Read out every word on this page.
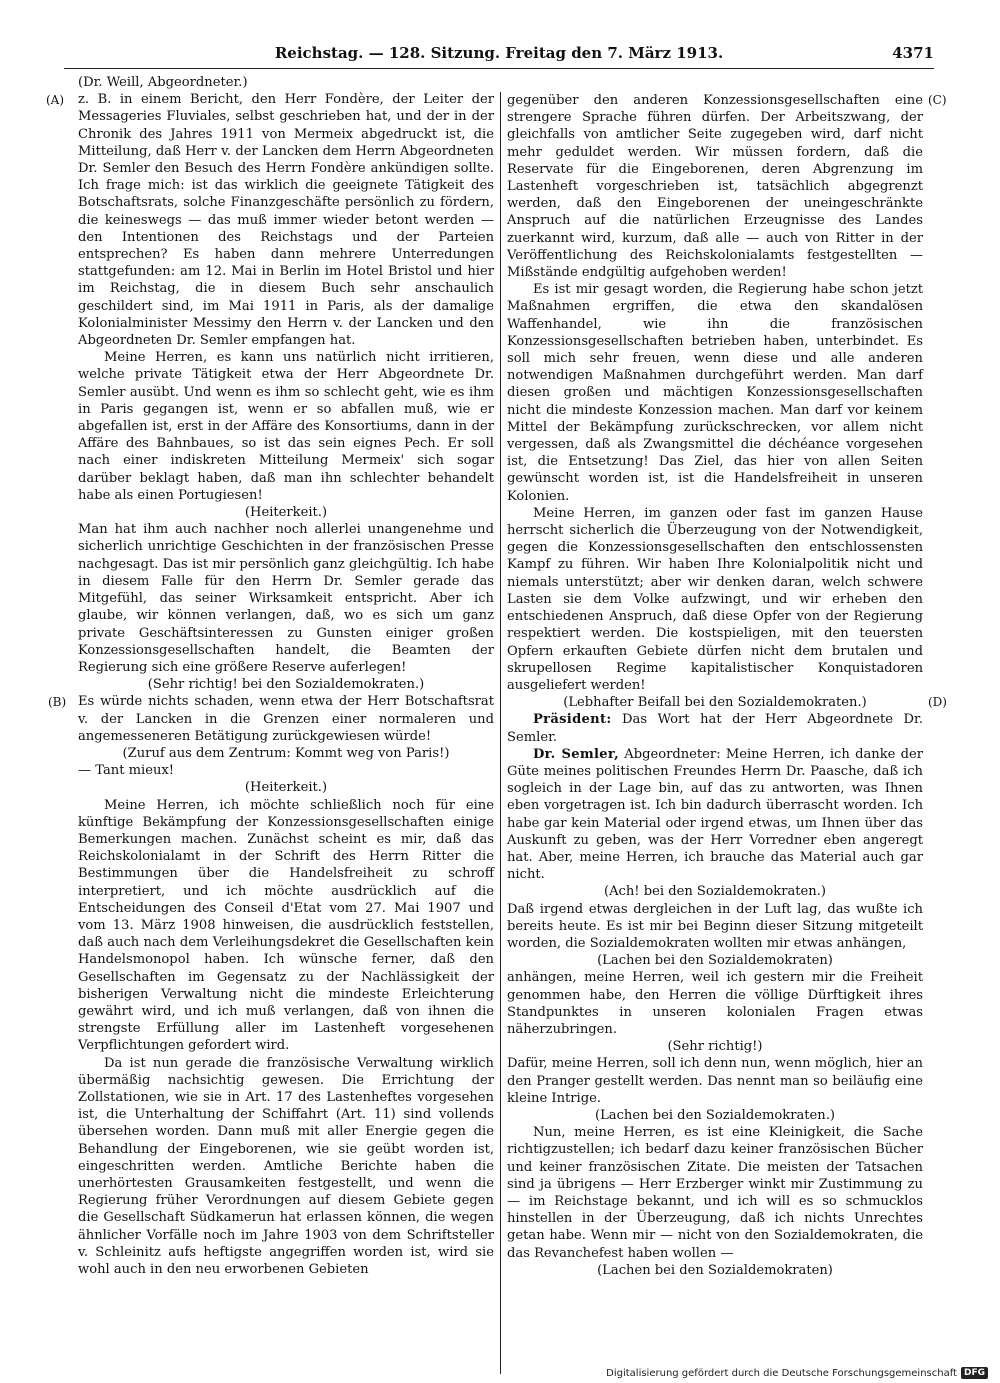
Reichstag. — 128. Sitzung. Freitag den 7. März 1913.	4371
(A)
(B)
(C)
(D)

(Dr. Weill, Abgeordneter.)

z. B. in einem Bericht, den Herr Fondère, der Leiter der Messageries Fluviales, selbst geschrieben hat, und der in der Chronik des Jahres 1911 von Mermeix abgedruckt ist, die Mitteilung, daß Herr v. der Lancken dem Herrn Abgeordneten Dr. Semler den Besuch des Herrn Fondère ankündigen sollte. Ich frage mich: ist das wirklich die geeignete Tätigkeit des Botschaftsrats, solche Finanzgeschäfte persönlich zu fördern, die keineswegs — das muß immer wieder betont werden — den Intentionen des Reichstags und der Parteien entsprechen? Es haben dann mehrere Unterredungen stattgefunden: am 12. Mai in Berlin im Hotel Bristol und hier im Reichstag, die in diesem Buch sehr anschaulich geschildert sind, im Mai 1911 in Paris, als der damalige Kolonialminister Messimy den Herrn v. der Lancken und den Abgeordneten Dr. Semler empfangen hat.

Meine Herren, es kann uns natürlich nicht irritieren, welche private Tätigkeit etwa der Herr Abgeordnete Dr. Semler ausübt. Und wenn es ihm so schlecht geht, wie es ihm in Paris gegangen ist, wenn er so abfallen muß, wie er abgefallen ist, erst in der Affäre des Konsortiums, dann in der Affäre des Bahnbaues, so ist das sein eignes Pech. Er soll nach einer indiskreten Mitteilung Mermeix' sich sogar darüber beklagt haben, daß man ihn schlechter behandelt habe als einen Portugiesen!

(Heiterkeit.)

Man hat ihm auch nachher noch allerlei unangenehme und sicherlich unrichtige Geschichten in der französischen Presse nachgesagt. Das ist mir persönlich ganz gleichgültig. Ich habe in diesem Falle für den Herrn Dr. Semler gerade das Mitgefühl, das seiner Wirksamkeit entspricht. Aber ich glaube, wir können verlangen, daß, wo es sich um ganz private Geschäftsinteressen zu Gunsten einiger großen Konzessionsgesellschaften handelt, die Beamten der Regierung sich eine größere Reserve auferlegen!

(Sehr richtig! bei den Sozialdemokraten.)

Es würde nichts schaden, wenn etwa der Herr Botschaftsrat v. der Lancken in die Grenzen einer normaleren und angemesseneren Betätigung zurückgewiesen würde!

(Zuruf aus dem Zentrum: Kommt weg von Paris!)

— Tant mieux!

(Heiterkeit.)

Meine Herren, ich möchte schließlich noch für eine künftige Bekämpfung der Konzessionsgesellschaften einige Bemerkungen machen. Zunächst scheint es mir, daß das Reichskolonialamt in der Schrift des Herrn Ritter die Bestimmungen über die Handelsfreiheit zu schroff interpretiert, und ich möchte ausdrücklich auf die Entscheidungen des Conseil d'Etat vom 27. Mai 1907 und vom 13. März 1908 hinweisen, die ausdrücklich feststellen, daß auch nach dem Verleihungsdekret die Gesellschaften kein Handelsmonopol haben. Ich wünsche ferner, daß den Gesellschaften im Gegensatz zu der Nachlässigkeit der bisherigen Verwaltung nicht die mindeste Erleichterung gewährt wird, und ich muß verlangen, daß von ihnen die strengste Erfüllung aller im Lastenheft vorgesehenen Verpflichtungen gefordert wird.

Da ist nun gerade die französische Verwaltung wirklich übermäßig nachsichtig gewesen. Die Errichtung der Zollstationen, wie sie in Art. 17 des Lastenheftes vorgesehen ist, die Unterhaltung der Schiffahrt (Art. 11) sind vollends übersehen worden. Dann muß mit aller Energie gegen die Behandlung der Eingeborenen, wie sie geübt worden ist, eingeschritten werden. Amtliche Berichte haben die unerhörtesten Grausamkeiten festgestellt, und wenn die Regierung früher Verordnungen auf diesem Gebiete gegen die Gesellschaft Südkamerun hat erlassen können, die wegen ähnlicher Vorfälle noch im Jahre 1903 von dem Schriftsteller v. Schleinitz aufs heftigste angegriffen worden ist, wird sie wohl auch in den neu erworbenen Gebieten

gegenüber den anderen Konzessionsgesellschaften eine strengere Sprache führen dürfen. Der Arbeitszwang, der gleichfalls von amtlicher Seite zugegeben wird, darf nicht mehr geduldet werden. Wir müssen fordern, daß die Reservate für die Eingeborenen, deren Abgrenzung im Lastenheft vorgeschrieben ist, tatsächlich abgegrenzt werden, daß den Eingeborenen der uneingeschränkte Anspruch auf die natürlichen Erzeugnisse des Landes zuerkannt wird, kurzum, daß alle — auch von Ritter in der Veröffentlichung des Reichskolonialamts festgestellten — Mißstände endgültig aufgehoben werden!

Es ist mir gesagt worden, die Regierung habe schon jetzt Maßnahmen ergriffen, die etwa den skandalösen Waffenhandel, wie ihn die französischen Konzessionsgesellschaften betrieben haben, unterbindet. Es soll mich sehr freuen, wenn diese und alle anderen notwendigen Maßnahmen durchgeführt werden. Man darf diesen großen und mächtigen Konzessionsgesellschaften nicht die mindeste Konzession machen. Man darf vor keinem Mittel der Bekämpfung zurückschrecken, vor allem nicht vergessen, daß als Zwangsmittel die déchéance vorgesehen ist, die Entsetzung! Das Ziel, das hier von allen Seiten gewünscht worden ist, ist die Handelsfreiheit in unseren Kolonien.

Meine Herren, im ganzen oder fast im ganzen Hause herrscht sicherlich die Überzeugung von der Notwendigkeit, gegen die Konzessionsgesellschaften den entschlossensten Kampf zu führen. Wir haben Ihre Kolonialpolitik nicht und niemals unterstützt; aber wir denken daran, welch schwere Lasten sie dem Volke aufzwingt, und wir erheben den entschiedenen Anspruch, daß diese Opfer von der Regierung respektiert werden. Die kostspieligen, mit den teuersten Opfern erkauften Gebiete dürfen nicht dem brutalen und skrupellosen Regime kapitalistischer Konquistadoren ausgeliefert werden!

(Lebhafter Beifall bei den Sozialdemokraten.)

Präsident: Das Wort hat der Herr Abgeordnete Dr. Semler.

Dr. Semler, Abgeordneter: Meine Herren, ich danke der Güte meines politischen Freundes Herrn Dr. Paasche, daß ich sogleich in der Lage bin, auf das zu antworten, was Ihnen eben vorgetragen ist. Ich bin dadurch überrascht worden. Ich habe gar kein Material oder irgend etwas, um Ihnen über das Auskunft zu geben, was der Herr Vorredner eben angeregt hat. Aber, meine Herren, ich brauche das Material auch gar nicht.

(Ach! bei den Sozialdemokraten.)

Daß irgend etwas dergleichen in der Luft lag, das wußte ich bereits heute. Es ist mir bei Beginn dieser Sitzung mitgeteilt worden, die Sozialdemokraten wollten mir etwas anhängen,

(Lachen bei den Sozialdemokraten)

anhängen, meine Herren, weil ich gestern mir die Freiheit genommen habe, den Herren die völlige Dürftigkeit ihres Standpunktes in unseren kolonialen Fragen etwas näherzubringen.

(Sehr richtig!)

Dafür, meine Herren, soll ich denn nun, wenn möglich, hier an den Pranger gestellt werden. Das nennt man so beiläufig eine kleine Intrige.

(Lachen bei den Sozialdemokraten.)

Nun, meine Herren, es ist eine Kleinigkeit, die Sache richtigzustellen; ich bedarf dazu keiner französischen Bücher und keiner französischen Zitate. Die meisten der Tatsachen sind ja übrigens — Herr Erzberger winkt mir Zustimmung zu — im Reichstage bekannt, und ich will es so schmucklos hinstellen in der Überzeugung, daß ich nichts Unrechtes getan habe. Wenn mir — nicht von den Sozialdemokraten, die das Revanchefest haben wollen —

(Lachen bei den Sozialdemokraten)

Digitalisierung gefördert durch die Deutsche Forschungsgemeinschaft DFG
